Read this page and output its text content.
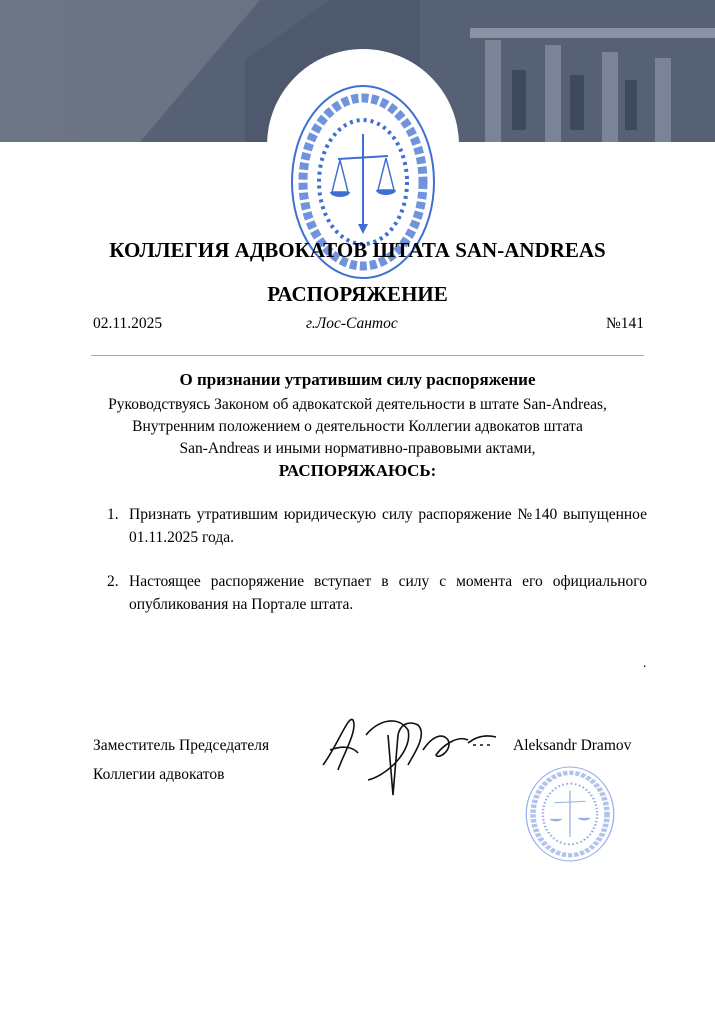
КОЛЛЕГИЯ АДВОКАТОВ ШТАТА SAN-ANDREAS
РАСПОРЯЖЕНИЕ
02.11.2025	г.Лос-Сантос	№141
О признании утратившим силу распоряжение
Руководствуясь Законом об адвокатской деятельности в штате San-Andreas,
Внутренним положением о деятельности Коллегии адвокатов штата
San-Andreas и иными нормативно-правовыми актами,
РАСПОРЯЖАЮСЬ:
1. Признать утратившим юридическую силу распоряжение №140 выпущенное 01.11.2025 года.
2. Настоящее распоряжение вступает в силу с момента его официального опубликования на Портале штата.
.
Заместитель Председателя
Коллегии адвокатов
Aleksandr Dramov
